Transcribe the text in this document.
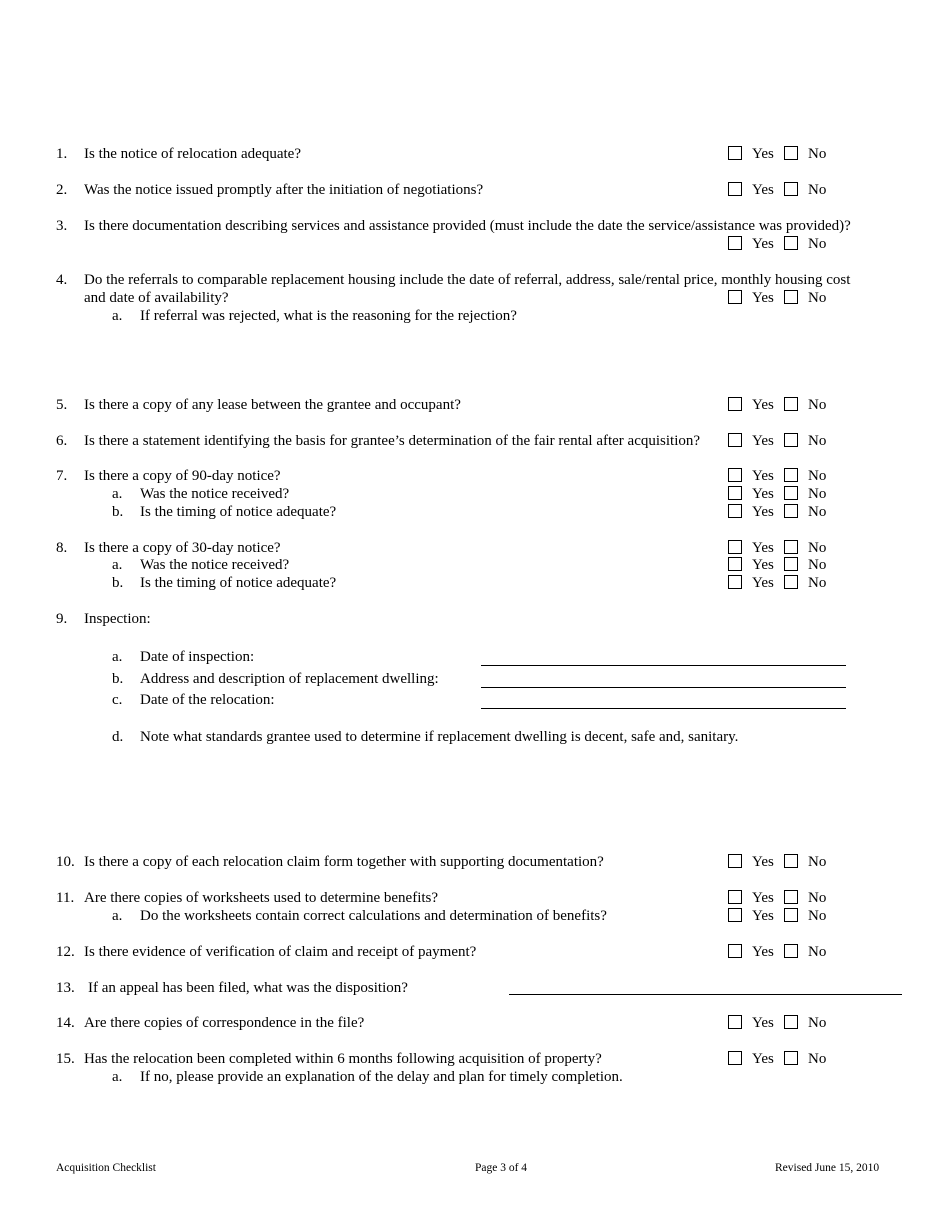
1. Is the notice of relocation adequate?	Yes No
2. Was the notice issued promptly after the initiation of negotiations?	Yes No
3. Is there documentation describing services and assistance provided (must include the date the service/assistance was provided)?
Yes No
4. Do the referrals to comparable replacement housing include the date of referral, address, sale/rental price, monthly housing cost
and date of availability?	Yes No
a. If referral was rejected, what is the reasoning for the rejection?
5. Is there a copy of any lease between the grantee and occupant?	Yes No
6. Is there a statement identifying the basis for grantee’s determination of the fair rental after acquisition?	Yes No
7. Is there a copy of 90-day notice?	Yes No
a. Was the notice received?	Yes No
b. Is the timing of notice adequate?	Yes No
8. Is there a copy of 30-day notice?	Yes No
a. Was the notice received?	Yes No
b. Is the timing of notice adequate?	Yes No
9. Inspection:
a. Date of inspection:
b. Address and description of replacement dwelling:
c. Date of the relocation:
d. Note what standards grantee used to determine if replacement dwelling is decent, safe and, sanitary.
10. Is there a copy of each relocation claim form together with supporting documentation?	Yes No
11. Are there copies of worksheets used to determine benefits?	Yes No
a. Do the worksheets contain correct calculations and determination of benefits?	Yes No
12. Is there evidence of verification of claim and receipt of payment?	Yes No
13. If an appeal has been filed, what was the disposition?
14. Are there copies of correspondence in the file?	Yes No
15. Has the relocation been completed within 6 months following acquisition of property?	Yes No
a. If no, please provide an explanation of the delay and plan for timely completion.
Acquisition Checklist	Page 3 of 4	Revised June 15, 2010
